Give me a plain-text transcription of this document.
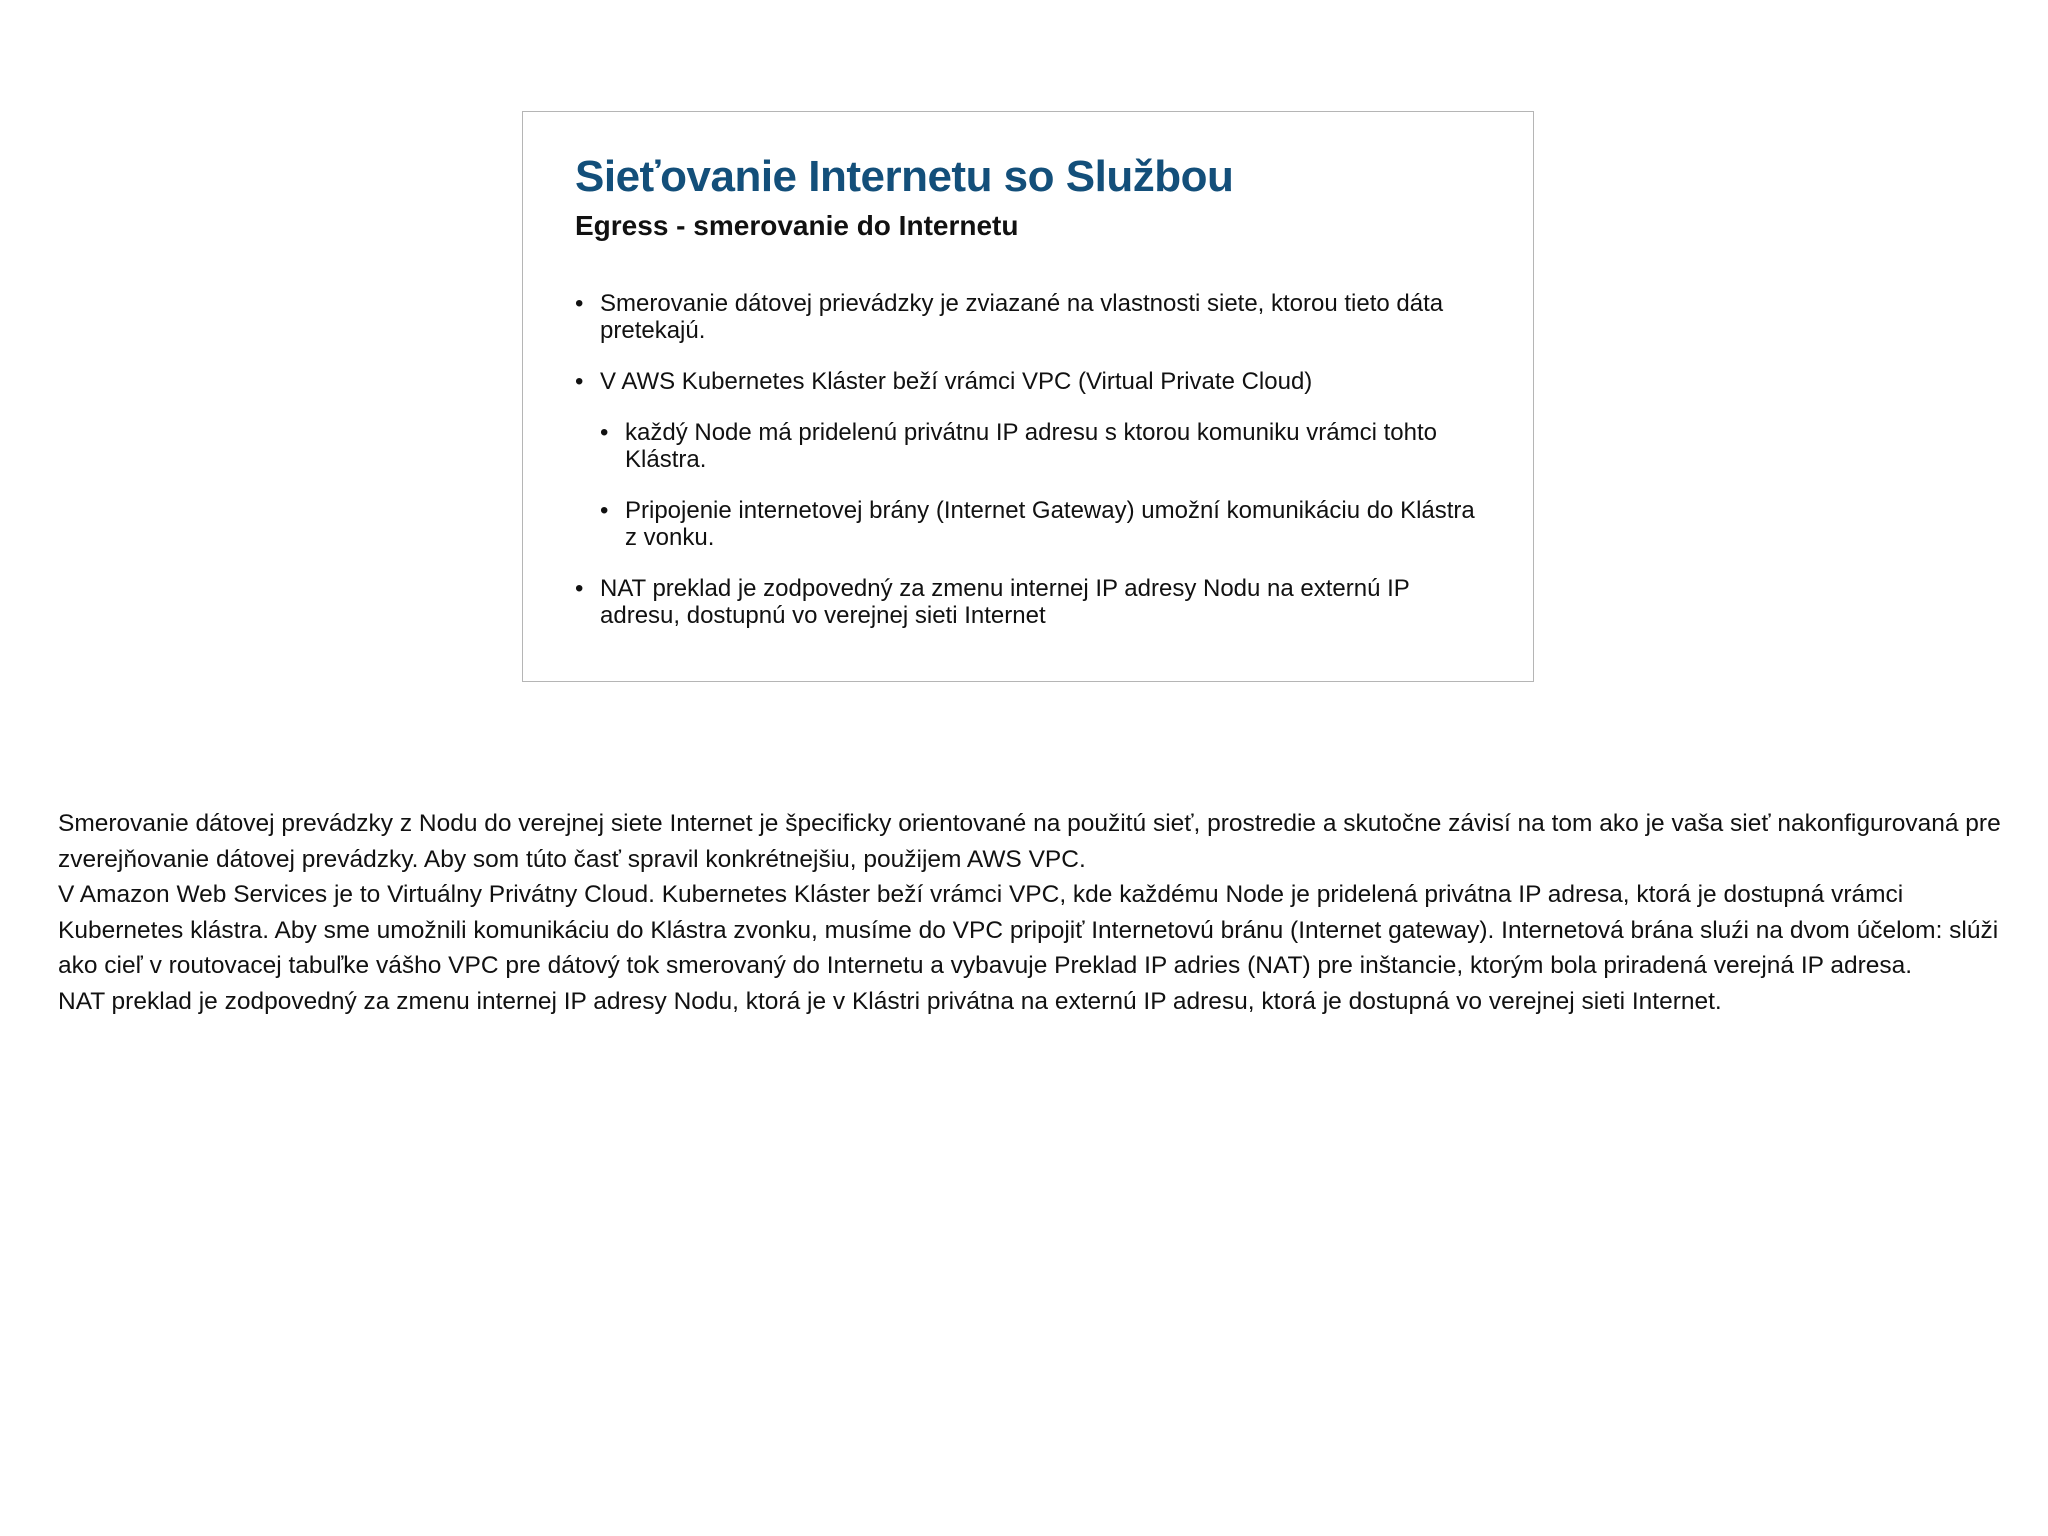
Sieťovanie Internetu so Službou
Egress - smerovanie do Internetu
• Smerovanie dátovej prievádzky je zviazané na vlastnosti siete, ktorou tieto dáta pretekajú.
• V AWS Kubernetes Kláster beží vrámci VPC (Virtual Private Cloud)
• každý Node má pridelenú privátnu IP adresu s ktorou komuniku vrámci tohto Klástra.
• Pripojenie internetovej brány (Internet Gateway) umožní komunikáciu do Klástra z vonku.
• NAT preklad je zodpovedný za zmenu internej IP adresy Nodu na externú IP adresu, dostupnú vo verejnej sieti Internet

Smerovanie dátovej prevádzky z Nodu do verejnej siete Internet je špecificky orientované na použitú sieť, prostredie a skutočne závisí na tom ako je vaša sieť nakonfigurovaná pre zverejňovanie dátovej prevádzky. Aby som túto časť spravil konkrétnejšiu, použijem AWS VPC.

V Amazon Web Services je to Virtuálny Privátny Cloud. Kubernetes Kláster beží vrámci VPC, kde každému Node je pridelená privátna IP adresa, ktorá je dostupná vrámci Kubernetes klástra. Aby sme umožnili komunikáciu do Klástra zvonku, musíme do VPC pripojiť Internetovú bránu (Internet gateway). Internetová brána sluźi na dvom účelom: slúži ako cieľ v routovacej tabuľke vášho VPC pre dátový tok smerovaný do Internetu a vybavuje Preklad IP adries (NAT) pre inštancie, ktorým bola priradená verejná IP adresa.

NAT preklad je zodpovedný za zmenu internej IP adresy Nodu, ktorá je v Klástri privátna na externú IP adresu, ktorá je dostupná vo verejnej sieti Internet.
